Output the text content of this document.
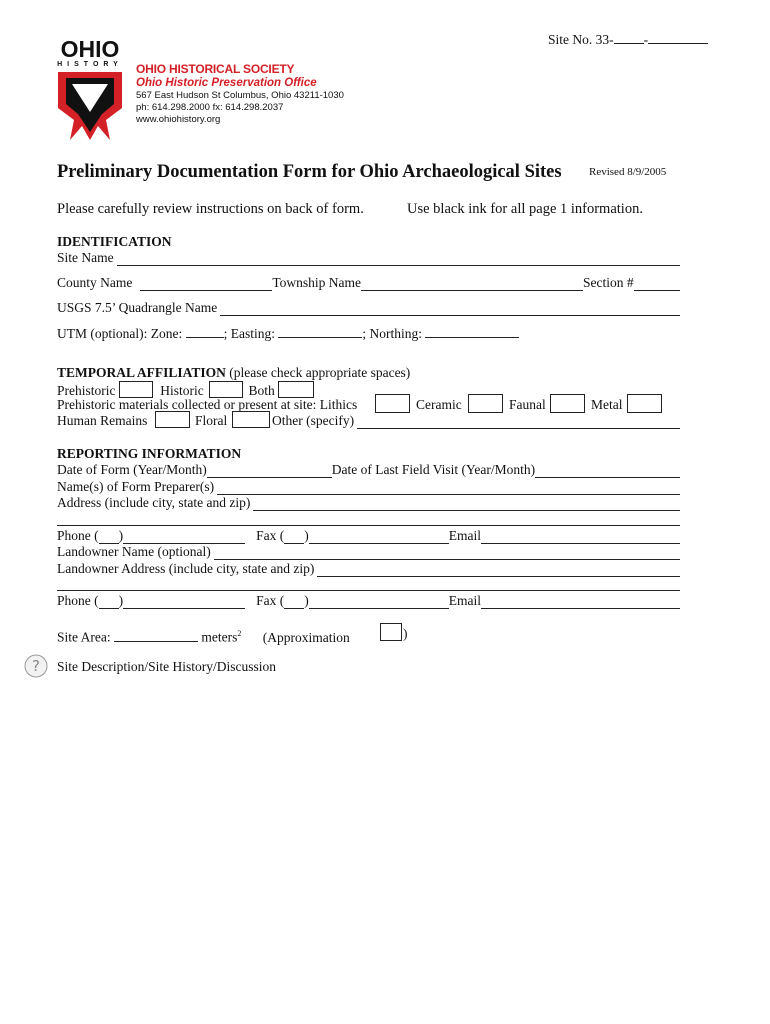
Site No. 33- -
OHIO
HISTORY OHIO HISTORICAL SOCIETY
Ohio Historic Preservation Office
567 East Hudson St Columbus, Ohio 43211-1030
ph: 614.298.2000 fx: 614.298.2037
www.ohiohistory.org
Preliminary Documentation Form for Ohio Archaeological Sites Revised 8/9/2005
Please carefully review instructions on back of form.	Use black ink for all page 1 information.
IDENTIFICATION
Site Name
County Name	Township Name	Section #
USGS 7.5’ Quadrangle Name
UTM (optional): Zone:	; Easting:	; Northing:
TEMPORAL AFFILIATION (please check appropriate spaces)
Prehistoric	Historic	Both
Prehistoric materials collected or present at site: Lithics	Ceramic	Faunal	Metal
Human Remains	Floral	Other (specify)
REPORTING INFORMATION
Date of Form (Year/Month)	Date of Last Field Visit (Year/Month)
Name(s) of Form Preparer(s)
Address (include city, state and zip)
Phone ( )	Fax ( )	Email
Landowner Name (optional)
Landowner Address (include city, state and zip)
Phone ( )	Fax ( )	Email
Site Area:	meters$^2$ (Approximation	)
? Site Description/Site History/Discussion
